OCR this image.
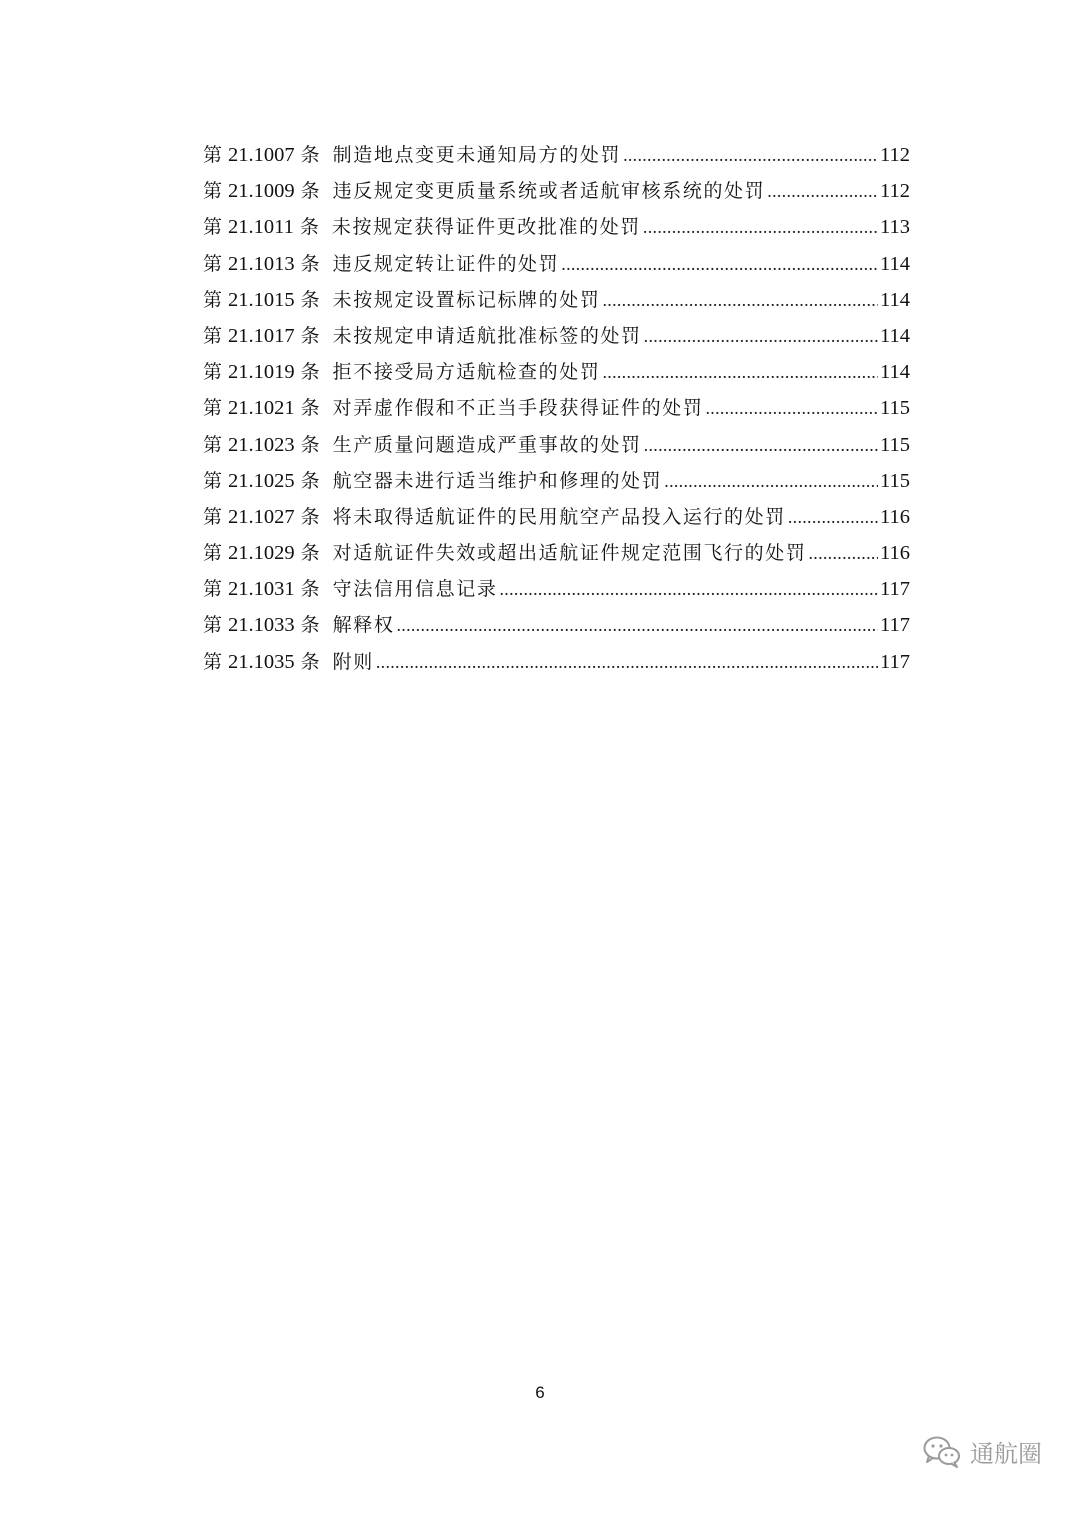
第 21.1007 条 制造地点变更未通知局方的处罚 .....	112
第 21.1009 条 违反规定变更质量系统或者适航审核系统的处罚 .....	112
第 21.1011 条 未按规定获得证件更改批准的处罚 .....	113
第 21.1013 条 违反规定转让证件的处罚 .....	114
第 21.1015 条 未按规定设置标记标牌的处罚 .....	114
第 21.1017 条 未按规定申请适航批准标签的处罚 .....	114
第 21.1019 条 拒不接受局方适航检查的处罚 .....	114
第 21.1021 条 对弄虚作假和不正当手段获得证件的处罚 .....	115
第 21.1023 条 生产质量问题造成严重事故的处罚 .....	115
第 21.1025 条 航空器未进行适当维护和修理的处罚 .....	115
第 21.1027 条 将未取得适航证件的民用航空产品投入运行的处罚 .....	116
第 21.1029 条 对适航证件失效或超出适航证件规定范围飞行的处罚 .....	116
第 21.1031 条 守法信用信息记录 .....	117
第 21.1033 条 解释权 .....	117
第 21.1035 条 附则 .....	117
6
通航圈
